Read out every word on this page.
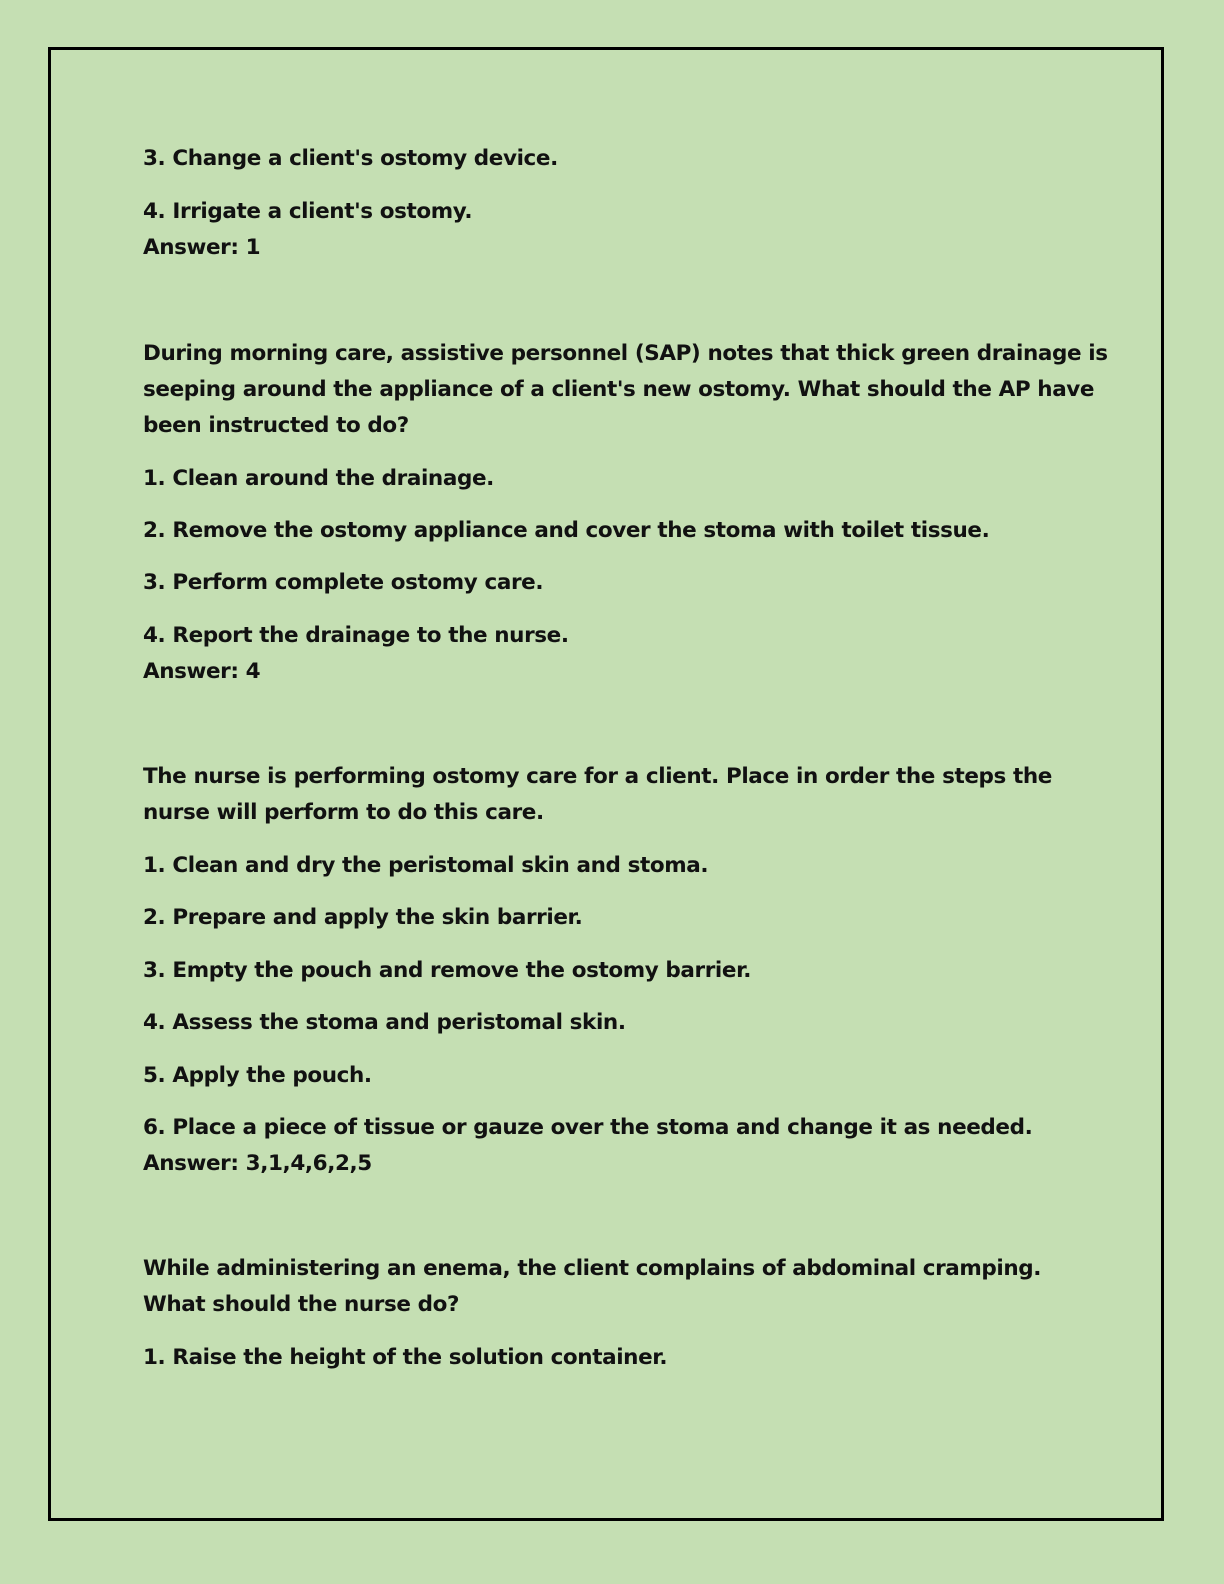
3. Change a client's ostomy device.
4. Irrigate a client's ostomy.
Answer: 1
During morning care, assistive personnel (SAP) notes that thick green drainage is
seeping around the appliance of a client's new ostomy. What should the AP have
been instructed to do?
1. Clean around the drainage.
2. Remove the ostomy appliance and cover the stoma with toilet tissue.
3. Perform complete ostomy care.
4. Report the drainage to the nurse.
Answer: 4
The nurse is performing ostomy care for a client. Place in order the steps the
nurse will perform to do this care.
1. Clean and dry the peristomal skin and stoma.
2. Prepare and apply the skin barrier.
3. Empty the pouch and remove the ostomy barrier.
4. Assess the stoma and peristomal skin.
5. Apply the pouch.
6. Place a piece of tissue or gauze over the stoma and change it as needed.
Answer: 3,1,4,6,2,5
While administering an enema, the client complains of abdominal cramping.
What should the nurse do?
1. Raise the height of the solution container.
